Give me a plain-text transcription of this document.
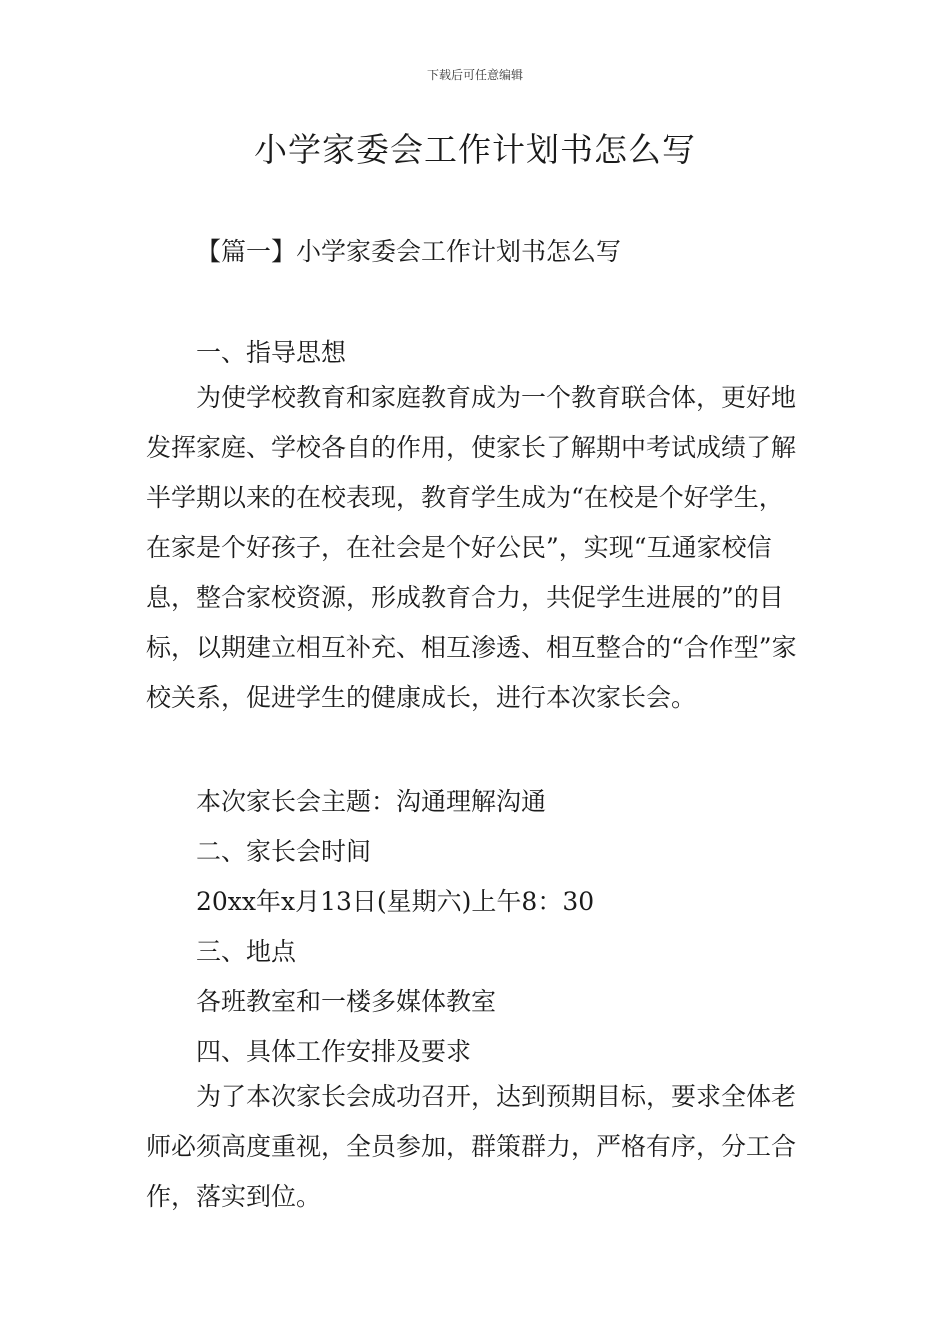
下载后可任意编辑
小学家委会工作计划书怎么写
【篇一】小学家委会工作计划书怎么写
一、指导思想

为使学校教育和家庭教育成为一个教育联合体，更好地发挥家庭、学校各自的作用，使家长了解期中考试成绩了解半学期以来的在校表现，教育学生成为“在校是个好学生，在家是个好孩子，在社会是个好公民”，实现“互通家校信息，整合家校资源，形成教育合力，共促学生进展的”的目标，以期建立相互补充、相互渗透、相互整合的“合作型”家校关系，促进学生的健康成长，进行本次家长会。

本次家长会主题：沟通理解沟通
二、家长会时间
20xx年x月13日(星期六)上午8：30
三、地点
各班教室和一楼多媒体教室
四、具体工作安排及要求

为了本次家长会成功召开，达到预期目标，要求全体老师必须高度重视，全员参加，群策群力，严格有序，分工合作，落实到位。
